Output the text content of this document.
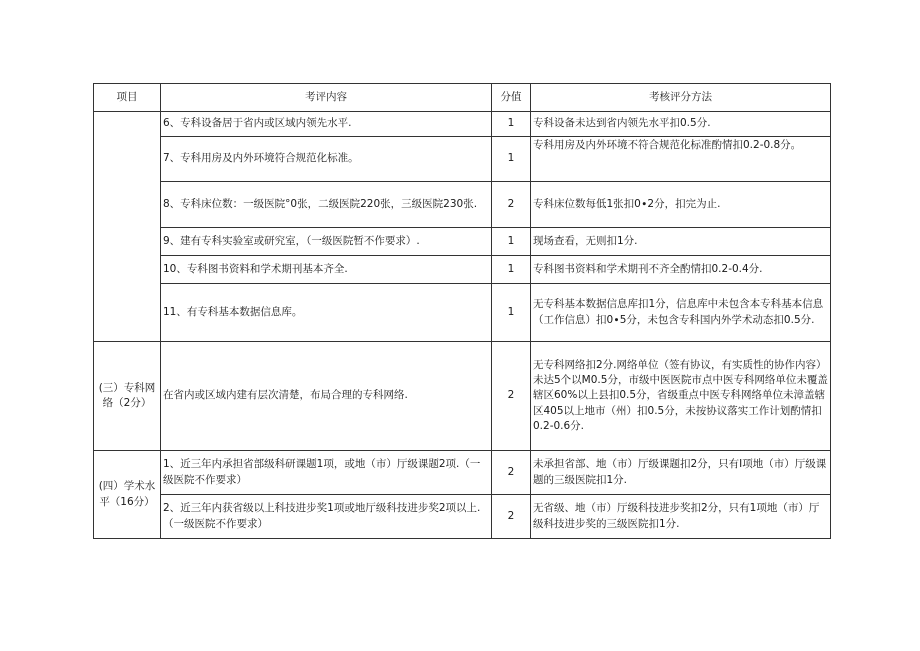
项目	考评内容	分值	考核评分方法
	6、专科设备居于省内或区域内领先水平.	1	专科设备未达到省内领先水平扣0.5分.
	7、专科用房及内外环境符合规范化标准。	1	专科用房及内外环境不符合规范化标准酌情扣0.2-0.8分。
	8、专科床位数：一级医院°0张，二级医院220张，三级医院230张.	2	专科床位数每低1张扣0∙2分，扣完为止.
	9、建有专科实验室或研究室，（一级医院暂不作要求）.	1	现场查看，无则扣1分.
	10、专科图书资料和学术期刊基本齐全.	1	专科图书资料和学术期刊不齐全酌情扣0.2-0.4分.
	11、有专科基本数据信息库。	1	无专科基本数据信息库扣1分，信息库中未包含本专科基本信息（工作信息）扣0∙5分，未包含专科国内外学术动态扣0.5分.
(三）专科网络（2分）	在省内或区域内建有层次清楚，布局合理的专科网络.	2	无专科网络扣2分.网络单位（签有协议，有实质性的协作内容）未达5个以M0.5分，市级中医医院市点中医专科网络单位未覆盖辖区60%以上县扣0.5分，省级重点中医专科网络单位未漳盖辖区405以上地市（州）扣0.5分，未按协议落实工作计划酌情扣0.2-0.6分.
(四）学术水平（16分）	1、近三年内承担省部级科研课题1项，或地（市）厅级课题2项.（一级医院不作要求）	2	未承担省部、地（市）厅级课题扣2分，只有I项地（市）厅级课题的三级医院扣1分.
	2、近三年内获省级以上科技进步奖1项或地厅级科技进步奖2项以上.（一级医院不作要求）	2	无省级、地（市）厅级科技进步奖扣2分，只有1项地（市）厅级科技进步奖的三级医院扣1分.
